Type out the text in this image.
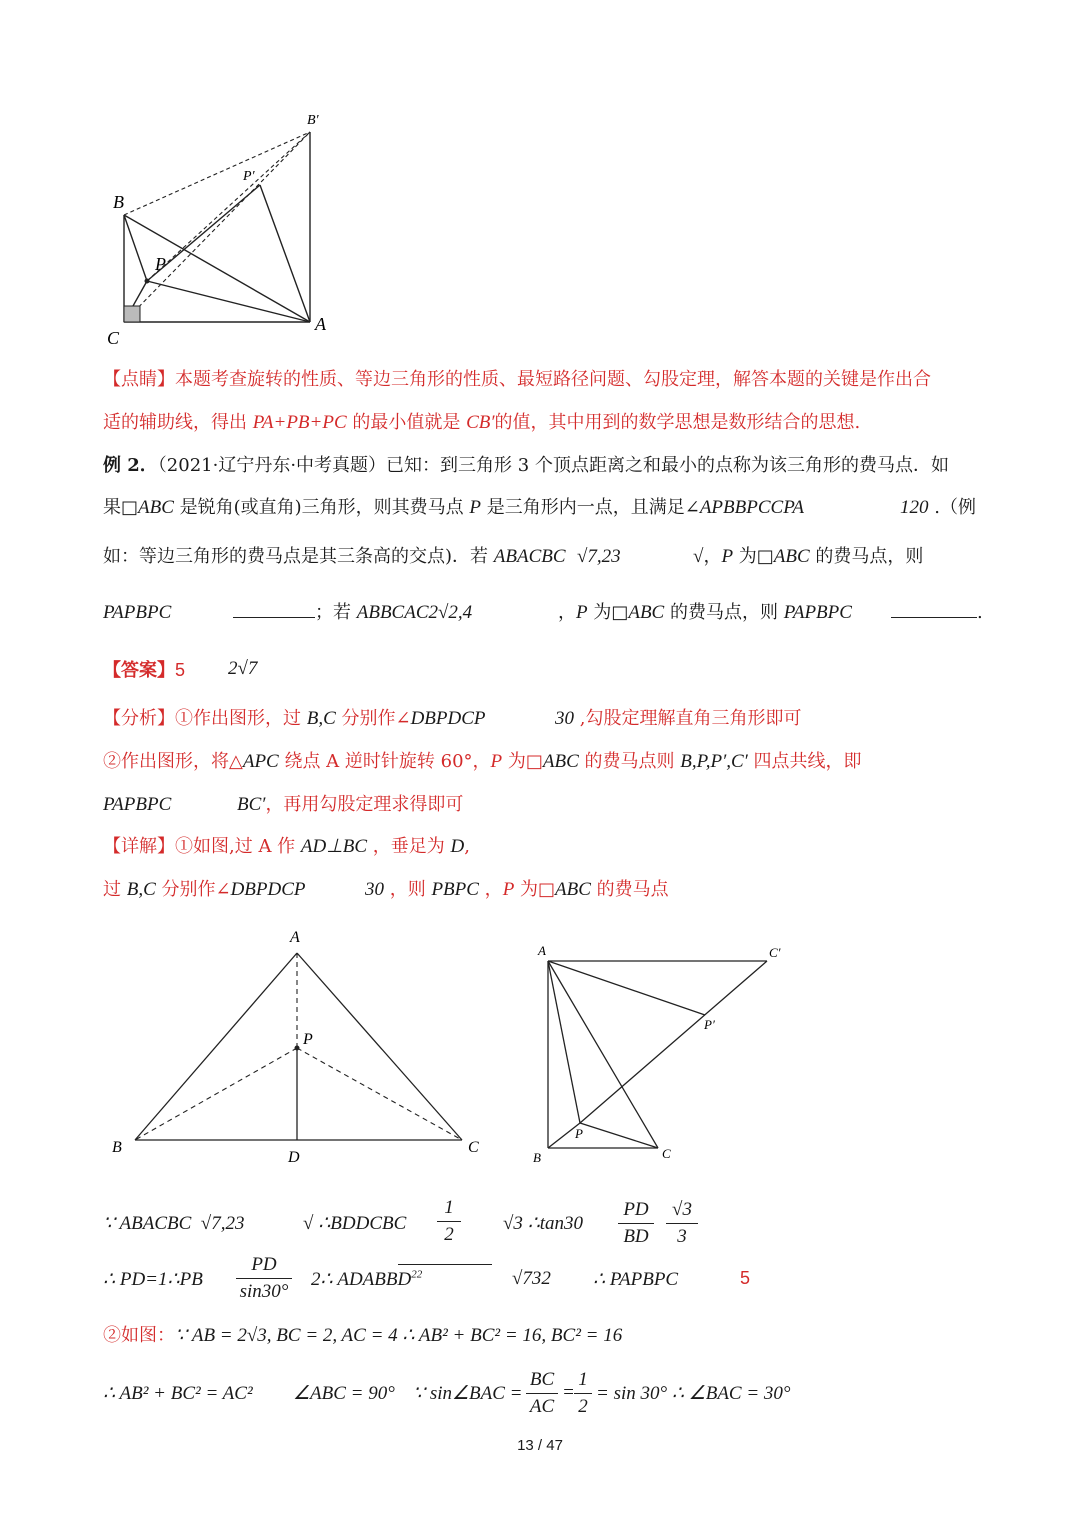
B′
P′
B
P
C
A
【点睛】本题考查旋转的性质、等边三角形的性质、最短路径问题、勾股定理，解答本题的关键是作出合
适的辅助线，得出 PA+PB+PC 的最小值就是 CB′的值，其中用到的数学思想是数形结合的思想.
例 2．（2021·辽宁丹东·中考真题）已知：到三角形 3 个顶点距离之和最小的点称为该三角形的费马点．如
果□ABC 是锐角(或直角)三角形，则其费马点 P 是三角形内一点，且满足∠APBBPCCPA	120 .（例
如：等边三角形的费马点是其三条高的交点)．若 ABACBC √7,23	√，P 为□ABC 的费马点，则
PAPBPC	；若 ABBCAC2√2,4	，P 为□ABC 的费马点，则 PAPBPC	.
【答案】5 2√7
【分析】①作出图形，过 B,C 分别作∠DBPDCP	30 ,勾股定理解直角三角形即可
②作出图形，将△APC 绕点 A 逆时针旋转 60°，P 为□ABC 的费马点则 B,P,P′,C′ 四点共线，即
PAPBPC	BC′，再用勾股定理求得即可
【详解】①如图,过 A 作 AD⊥BC ，垂足为 D,
过 B,C 分别作∠DBPDCP	30 ，则 PBPC ，P 为□ABC 的费马点
A
P
B
D
C
A	C′
P′
P
B	C
∵ ABACBC √7,23	√ ∴BDDCBC
1
2
√3 ∴tan30
PD
BD
√3
3
∴ PD=1∴PB
PD
sin30°
2∴ ADABBD$^{22}$	√732 ∴ PAPBPC	5
②如图：∵ AB = 2√3, BC = 2, AC = 4 ∴ AB² + BC² = 16, BC² = 16
∴ AB² + BC² = AC² ∠ABC = 90° ∵ sin∠BAC =
BC
AC
=
1
2
= sin 30° ∴ ∠BAC = 30°
13 / 47
